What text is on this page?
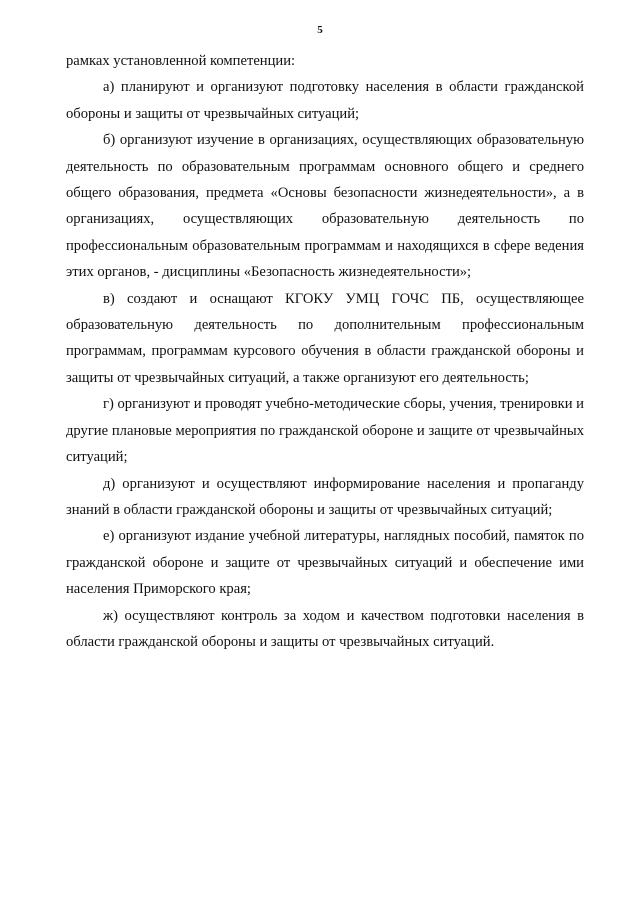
5

рамках установленной компетенции:

а) планируют и организуют подготовку населения в области гражданской обороны и защиты от чрезвычайных ситуаций;

б) организуют изучение в организациях, осуществляющих образовательную деятельность по образовательным программам основного общего и среднего общего образования, предмета «Основы безопасности жизнедеятельности», а в организациях, осуществляющих образовательную деятельность по профессиональным образовательным программам и находящихся в сфере ведения этих органов, - дисциплины «Безопасность жизнедеятельности»;

в) создают и оснащают КГОКУ УМЦ ГОЧС ПБ, осуществляющее образовательную деятельность по дополнительным профессиональным программам, программам курсового обучения в области гражданской обороны и защиты от чрезвычайных ситуаций, а также организуют его деятельность;

г) организуют и проводят учебно-методические сборы, учения, тренировки и другие плановые мероприятия по гражданской обороне и защите от чрезвычайных ситуаций;

д) организуют и осуществляют информирование населения и пропаганду знаний в области гражданской обороны и защиты от чрезвычайных ситуаций;

е) организуют издание учебной литературы, наглядных пособий, памяток по гражданской обороне и защите от чрезвычайных ситуаций и обеспечение ими населения Приморского края;

ж) осуществляют контроль за ходом и качеством подготовки населения в области гражданской обороны и защиты от чрезвычайных ситуаций.
